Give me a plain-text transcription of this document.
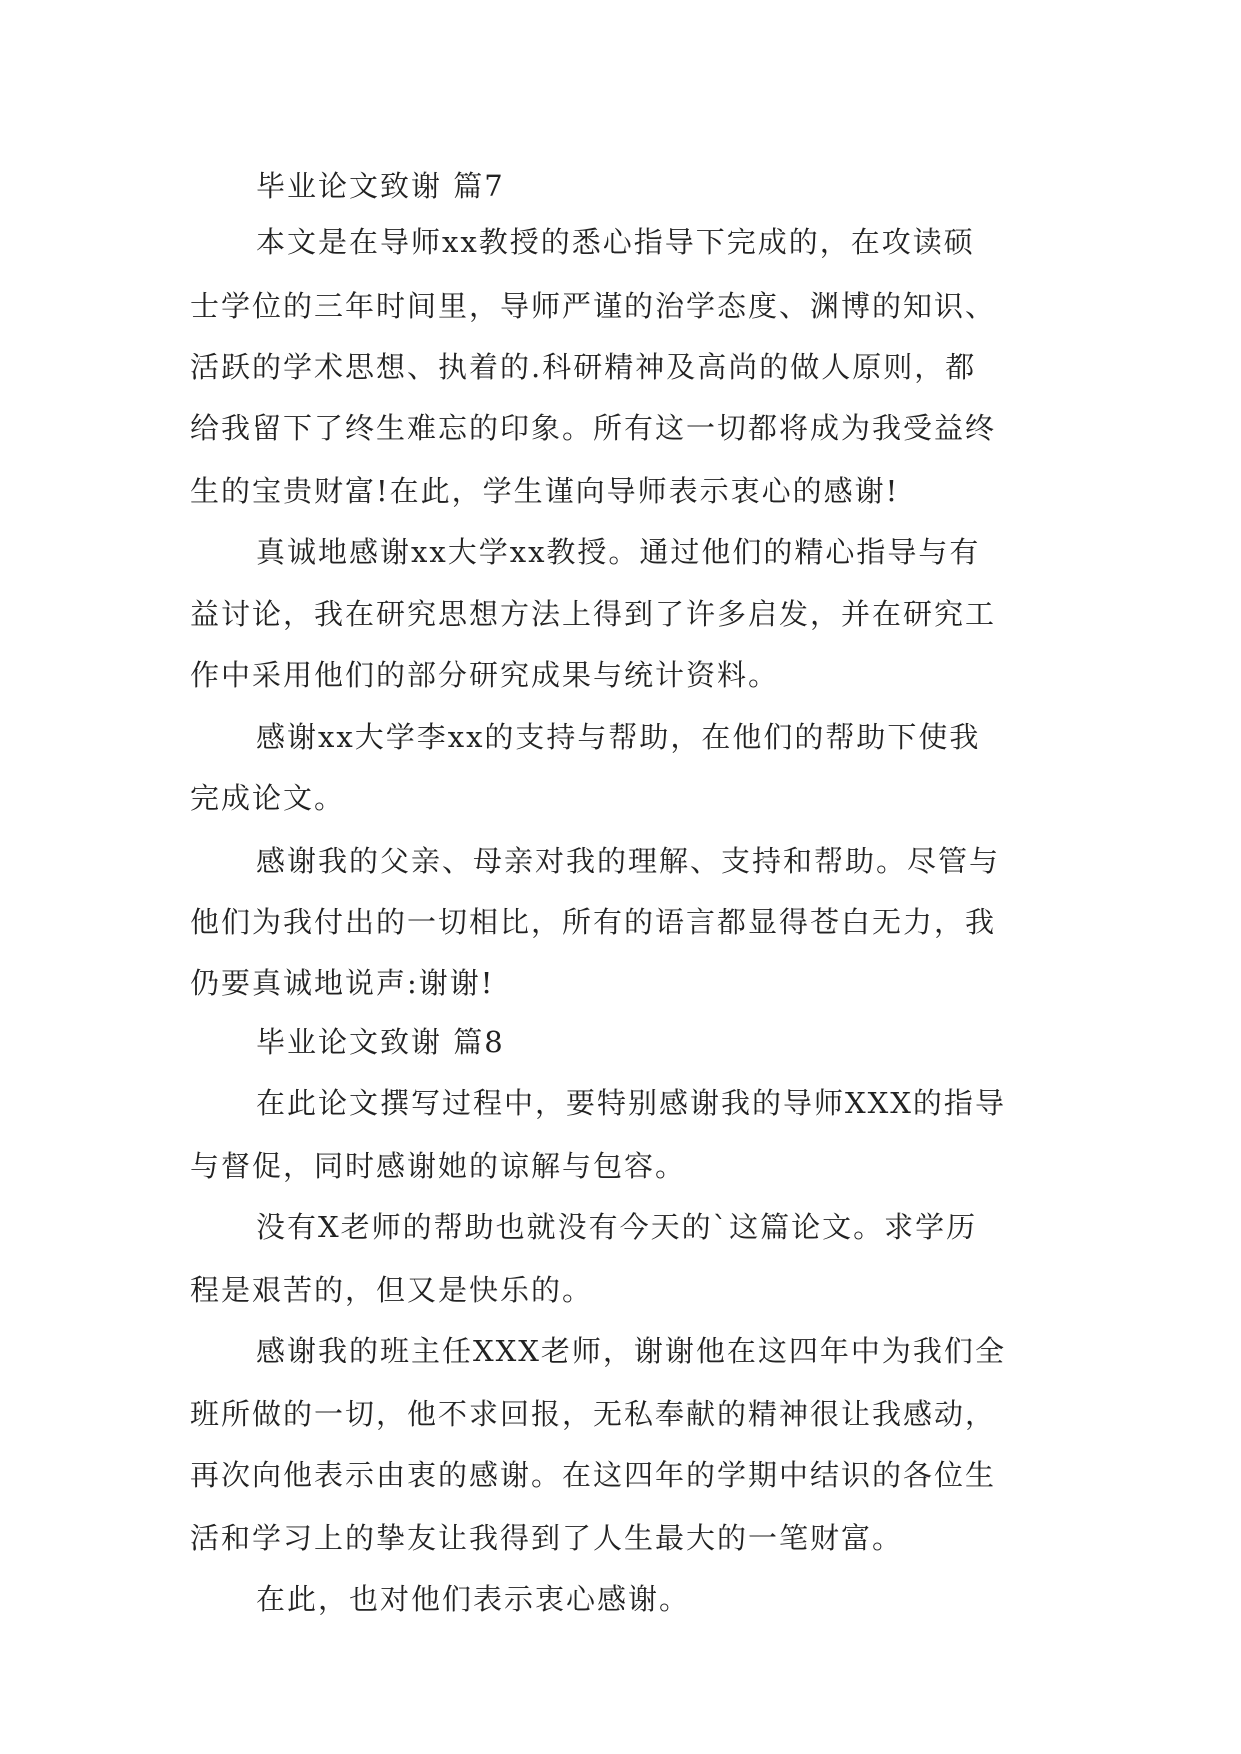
毕业论文致谢 篇7

本文是在导师xx教授的悉心指导下完成的，在攻读硕

士学位的三年时间里，导师严谨的治学态度、渊博的知识、

活跃的学术思想、执着的.科研精神及高尚的做人原则，都

给我留下了终生难忘的印象。所有这一切都将成为我受益终

生的宝贵财富!在此，学生谨向导师表示衷心的感谢!

真诚地感谢xx大学xx教授。通过他们的精心指导与有

益讨论，我在研究思想方法上得到了许多启发，并在研究工

作中采用他们的部分研究成果与统计资料。

感谢xx大学李xx的支持与帮助，在他们的帮助下使我

完成论文。

感谢我的父亲、母亲对我的理解、支持和帮助。尽管与

他们为我付出的一切相比，所有的语言都显得苍白无力，我

仍要真诚地说声:谢谢!

毕业论文致谢 篇8

在此论文撰写过程中，要特别感谢我的导师XXX的指导

与督促，同时感谢她的谅解与包容。

没有X老师的帮助也就没有今天的`这篇论文。求学历

程是艰苦的，但又是快乐的。

感谢我的班主任XXX老师，谢谢他在这四年中为我们全

班所做的一切，他不求回报，无私奉献的精神很让我感动，

再次向他表示由衷的感谢。在这四年的学期中结识的各位生

活和学习上的挚友让我得到了人生最大的一笔财富。

在此，也对他们表示衷心感谢。
